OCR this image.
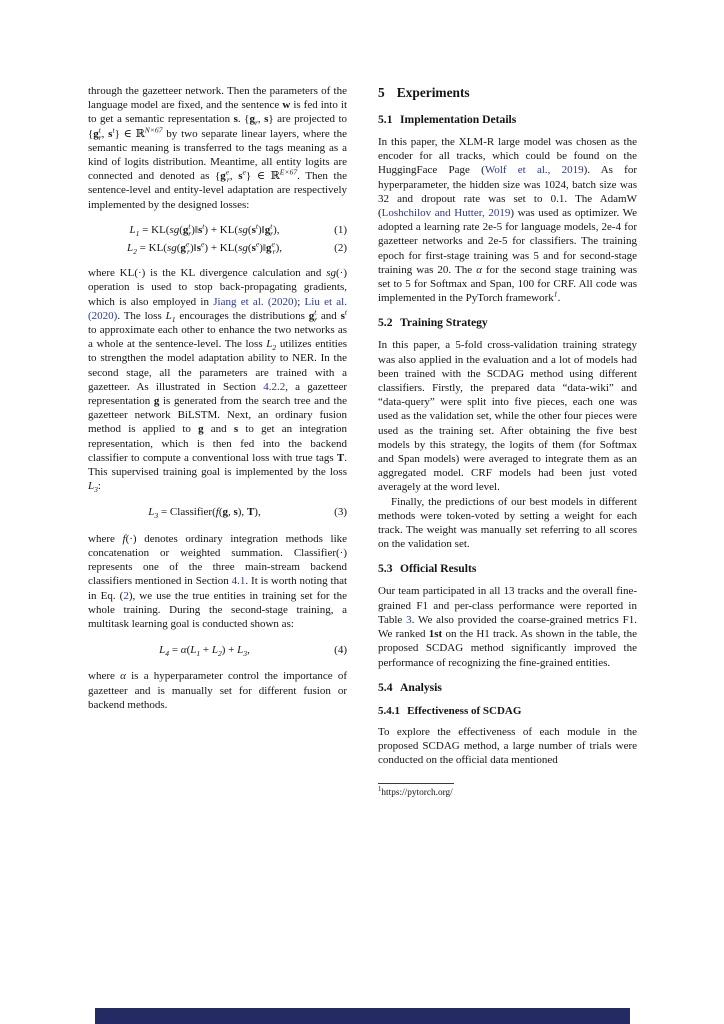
through the gazetteer network. Then the parameters of the language model are fixed, and the sentence w is fed into it to get a semantic representation s. {$g_r$, s} are projected to {$g^t_r$, $s^t$} ∈ ℝ$^{N\times 67}$ by two separate linear layers, where the semantic meaning is transferred to the tags meaning as a kind of logits distribution. Meantime, all entity logits are connected and denoted as {$g^e_r$, $s^e$} ∈ ℝ$^{E\times 67}$. Then the sentence-level and entity-level adaptation are respectively implemented by the designed losses:

$L_1$ = $KL(sg(g^t_r)‖s^t)$ + $KL(sg(s^t)‖g^t_r)$,	(1)
$L_2$ = $KL(sg(g^e_r)‖s^e)$ + $KL(sg(s^e)‖g^e_r)$,	(2)

where KL(·) is the KL divergence calculation and sg(·) operation is used to stop back-propagating gradients, which is also employed in Jiang et al. (2020); Liu et al. (2020). The loss $L_1$ encourages the distributions $g^t_r$ and $s^t$ to approximate each other to enhance the two networks as a whole at the sentence-level. The loss $L_2$ utilizes entities to strengthen the model adaptation ability to NER. In the second stage, all the parameters are trained with a gazetteer. As illustrated in Section 4.2.2, a gazetteer representation g is generated from the search tree and the gazetteer network BiLSTM. Next, an ordinary fusion method is applied to g and s to get an integration representation, which is then fed into the backend classifier to compute a conventional loss with true tags T. This supervised training goal is implemented by the loss $L_3$:

$L_3$ = Classifier(f(g, s), T),	(3)

where f(·) denotes ordinary integration methods like concatenation or weighted summation. Classifier(·) represents one of the three main-stream backend classifiers mentioned in Section 4.1. It is worth noting that in Eq. (2), we use the true entities in training set for the whole training. During the second-stage training, a multitask learning goal is conducted shown as:

$L_4 = \alpha(L_1 + L_2) + L_3$,	(4)

where α is a hyperparameter control the importance of gazetteer and is manually set for different fusion or backend methods.

5 Experiments
5.1 Implementation Details

In this paper, the XLM-R large model was chosen as the encoder for all tracks, which could be found on the HuggingFace Page (Wolf et al., 2019). As for hyperparameter, the hidden size was 1024, batch size was 32 and dropout rate was set to 0.1. The AdamW (Loshchilov and Hutter, 2019) was used as optimizer. We adopted a learning rate 2e-5 for language models, 2e-4 for gazetteer networks and 2e-5 for classifiers. The training epoch for first-stage training was 5 and for second-stage training was 20. The α for the second stage training was set to 5 for Softmax and Span, 100 for CRF. All code was implemented in the PyTorch framework$^1$.

5.2 Training Strategy

In this paper, a 5-fold cross-validation training strategy was also applied in the evaluation and a lot of models had been trained with the SCDAG method using different classifiers. Firstly, the prepared data “data-wiki” and “data-query” were split into five pieces, each one was used as the validation set, while the other four pieces were used as the training set. After obtaining the five best models by this strategy, the logits of them (for Softmax and Span models) were averaged to integrate them as an aggregated model. CRF models had been just voted averagely at the word level.

Finally, the predictions of our best models in different methods were token-voted by setting a weight for each track. The weight was manually set referring to all scores on the validation set.

5.3 Official Results

Our team participated in all 13 tracks and the overall fine-grained F1 and per-class performance were reported in Table 3. We also provided the coarse-grained metrics F1. We ranked 1st on the H1 track. As shown in the table, the proposed SCDAG method significantly improved the performance of recognizing the fine-grained entities.

5.4 Analysis
5.4.1 Effectiveness of SCDAG

To explore the effectiveness of each module in the proposed SCDAG method, a large number of trials were conducted on the official data mentioned

$^1$https://pytorch.org/
